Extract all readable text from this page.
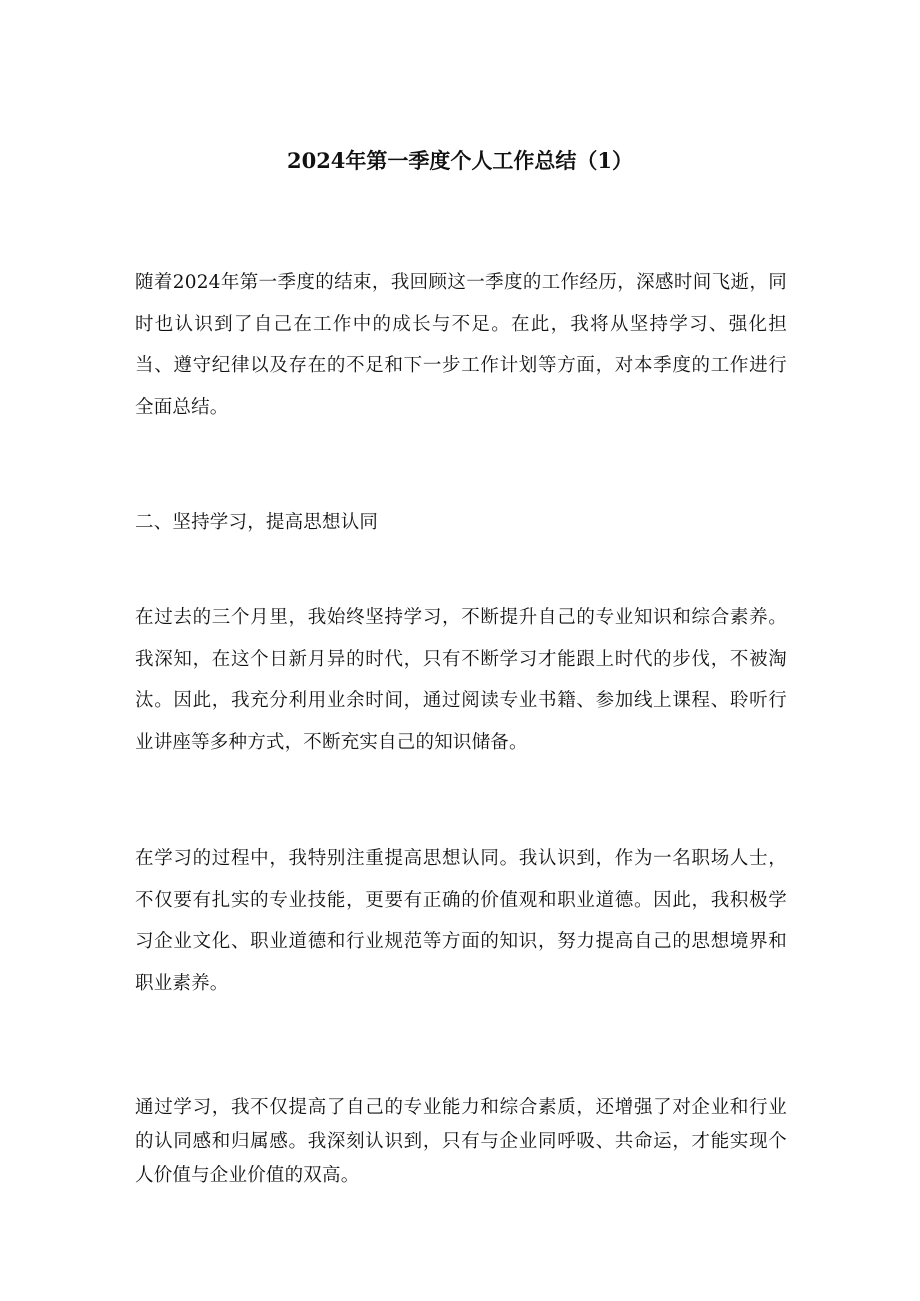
2024年第一季度个人工作总结（1）

随着2024年第一季度的结束，我回顾这一季度的工作经历，深感时间飞逝，同时也认识到了自己在工作中的成长与不足。在此，我将从坚持学习、强化担当、遵守纪律以及存在的不足和下一步工作计划等方面，对本季度的工作进行全面总结。

二、坚持学习，提高思想认同

在过去的三个月里，我始终坚持学习，不断提升自己的专业知识和综合素养。我深知，在这个日新月异的时代，只有不断学习才能跟上时代的步伐，不被淘汰。因此，我充分利用业余时间，通过阅读专业书籍、参加线上课程、聆听行业讲座等多种方式，不断充实自己的知识储备。

在学习的过程中，我特别注重提高思想认同。我认识到，作为一名职场人士，不仅要有扎实的专业技能，更要有正确的价值观和职业道德。因此，我积极学习企业文化、职业道德和行业规范等方面的知识，努力提高自己的思想境界和职业素养。

通过学习，我不仅提高了自己的专业能力和综合素质，还增强了对企业和行业的认同感和归属感。我深刻认识到，只有与企业同呼吸、共命运，才能实现个人价值与企业价值的双高。
